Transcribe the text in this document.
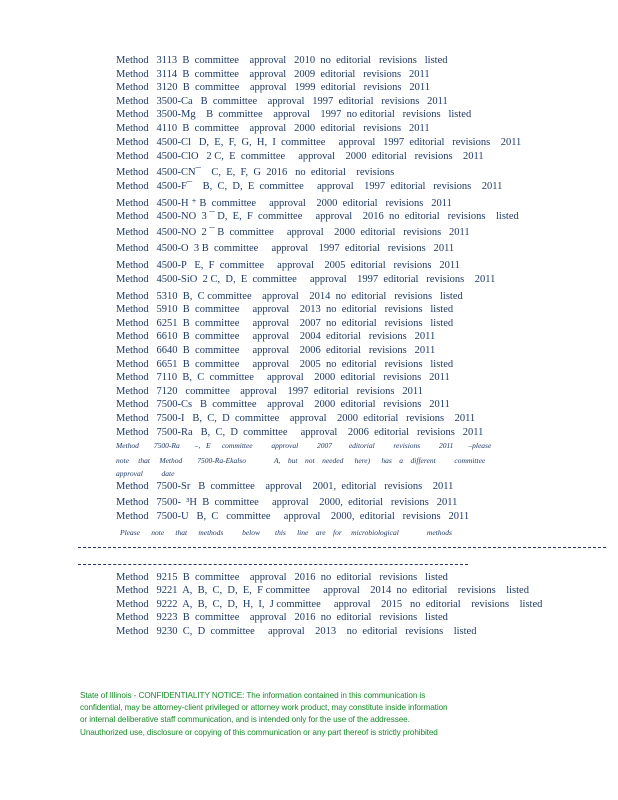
Method   3113  B  committee    approval   2010  no  editorial   revisions   listed
Method   3114  B  committee    approval   2009  editorial   revisions   2011
Method   3120  B  committee    approval   1999  editorial   revisions   2011
Method   3500-Ca   B  committee    approval   1997  editorial   revisions   2011
Method   3500-Mg    B  committee    approval    1997  no editorial   revisions   listed
Method   4110  B  committee    approval   2000  editorial   revisions   2011
Method   4500-Cl   D,  E,  F,  G,  H,  I  committee     approval   1997  editorial   revisions    2011
Method   4500-ClO   2 C,  E  committee     approval    2000  editorial   revisions    2011
Method   4500-CN¯    C,  E,  F,  G  2016   no  editorial    revisions
Method   4500-F¯    B,  C,  D,  E  committee     approval    1997  editorial   revisions    2011
Method   4500-H ⁺ B  committee     approval    2000  editorial   revisions   2011
Method   4500-NO  3 ¯ D,  E,  F  committee     approval    2016  no  editorial   revisions    listed
Method   4500-NO  2 ¯ B  committee     approval    2000  editorial   revisions   2011
Method   4500-O  3 B  committee     approval    1997  editorial   revisions   2011
Method   4500-P   E,  F  committee     approval    2005  editorial   revisions   2011
Method   4500-SiO  2 C,  D,  E  committee     approval    1997  editorial   revisions    2011
Method   5310  B,  C committee    approval    2014  no  editorial   revisions   listed
Method   5910  B  committee     approval    2013  no  editorial   revisions   listed
Method   6251  B  committee     approval    2007  no  editorial   revisions   listed
Method   6610  B  committee     approval    2004  editorial   revisions   2011
Method   6640  B  committee     approval    2006  editorial   revisions   2011
Method   6651  B  committee     approval    2005  no  editorial   revisions   listed
Method   7110  B,  C  committee     approval    2000  editorial   revisions   2011
Method   7120   committee    approval    1997  editorial   revisions   2011
Method   7500-Cs   B  committee    approval    2000  editorial   revisions   2011
Method   7500-I   B,  C,  D  committee    approval    2000  editorial   revisions    2011
Method   7500-Ra   B,  C,  D  committee     approval    2006  editorial   revisions   2011
Method        7500-Ra        –,   E      committee          approval          2007         editorial          revisions          2011        –please
note     that     Method        7500-Ra-Ekalso               A,    but    not    needed      here)      has    a    different          committee
approval          date
Method   7500-Sr   B  committee    approval    2001,  editorial   revisions    2011
Method   7500-  ³H  B  committee     approval    2000,  editorial   revisions   2011
Method   7500-U   B,  C   committee     approval    2000,  editorial   revisions   2011
Please      note      that      methods          below        this      line    are    for     microbiological               methods
Method   9215  B  committee    approval   2016  no  editorial   revisions   listed
Method   9221  A,  B,  C,  D,  E,  F committee     approval    2014  no  editorial    revisions    listed
Method   9222  A,  B,  C,  D,  H,  I,  J committee     approval    2015   no  editorial    revisions    listed
Method   9223  B  committee    approval   2016  no  editorial   revisions   listed
Method   9230  C,  D  committee     approval    2013    no  editorial   revisions    listed
State of Illinois - CONFIDENTIALITY NOTICE: The information contained in this communication is
confidential, may be attorney-client privileged or attorney work product, may constitute inside information
or internal deliberative staff communication, and is intended only for the use of the addressee.
Unauthorized use, disclosure or copying of this communication or any part thereof is strictly prohibited
